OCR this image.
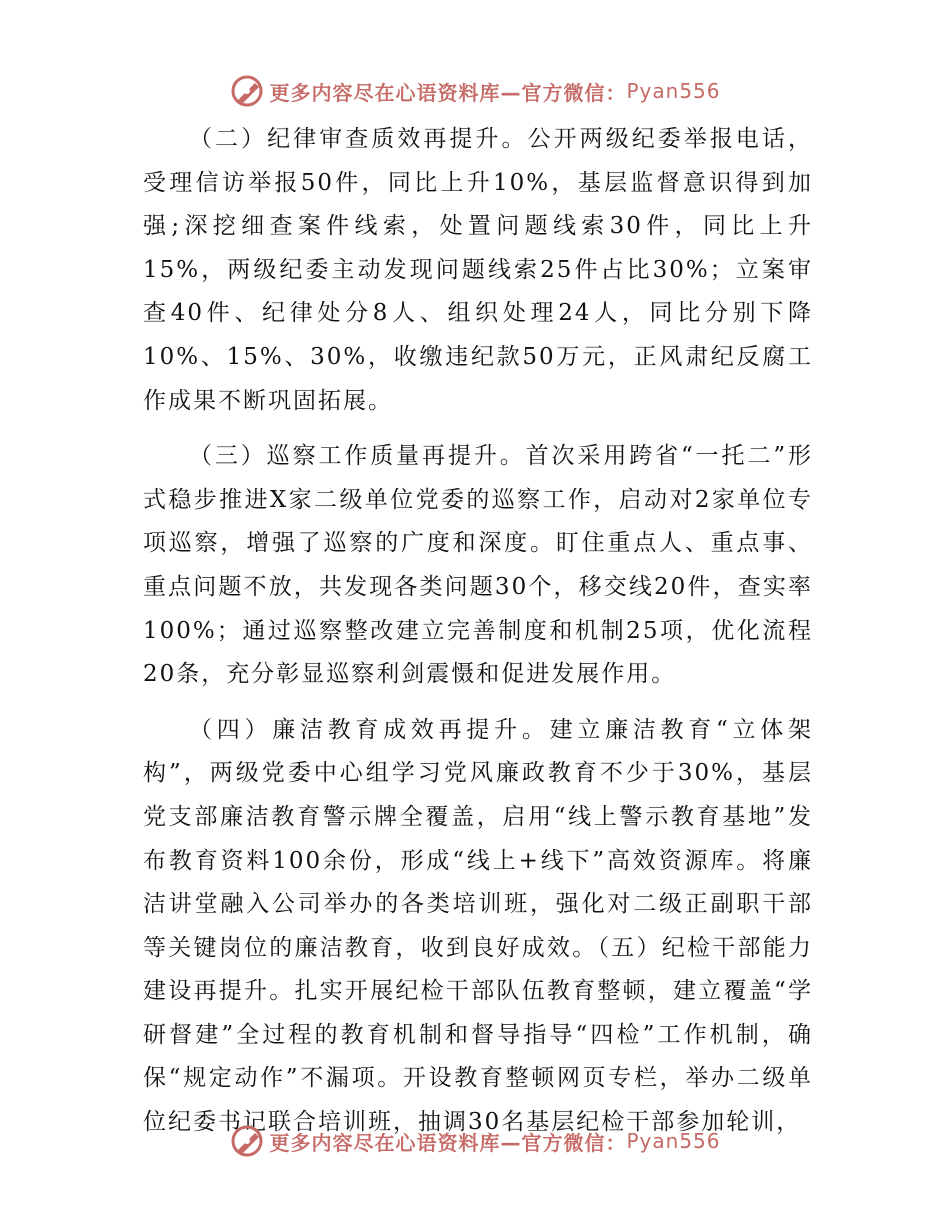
更多内容尽在心语资料库—官方微信： Pyan556

（二）纪律审查质效再提升。公开两级纪委举报电话，受理信访举报50件，同比上升10%，基层监督意识得到加强;深挖细查案件线索，处置问题线索30件，同比上升15%，两级纪委主动发现问题线索25件占比30%；立案审查40件、纪律处分8人、组织处理24人，同比分别下降10%、15%、30%，收缴违纪款50万元，正风肃纪反腐工作成果不断巩固拓展。

（三）巡察工作质量再提升。首次采用跨省“一托二”形式稳步推进X家二级单位党委的巡察工作，启动对2家单位专项巡察，增强了巡察的广度和深度。盯住重点人、重点事、重点问题不放，共发现各类问题30个，移交线20件，查实率100%；通过巡察整改建立完善制度和机制25项，优化流程20条，充分彰显巡察利剑震慑和促进发展作用。

（四）廉洁教育成效再提升。建立廉洁教育“立体架构”，两级党委中心组学习党风廉政教育不少于30%，基层党支部廉洁教育警示牌全覆盖，启用“线上警示教育基地”发布教育资料100余份，形成“线上+线下”高效资源库。将廉洁讲堂融入公司举办的各类培训班，强化对二级正副职干部等关键岗位的廉洁教育，收到良好成效。（五）纪检干部能力建设再提升。扎实开展纪检干部队伍教育整顿，建立覆盖“学研督建”全过程的教育机制和督导指导“四检”工作机制，确保“规定动作”不漏项。开设教育整顿网页专栏，举办二级单位纪委书记联合培训班，抽调30名基层纪检干部参加轮训，

更多内容尽在心语资料库—官方微信： Pyan556
